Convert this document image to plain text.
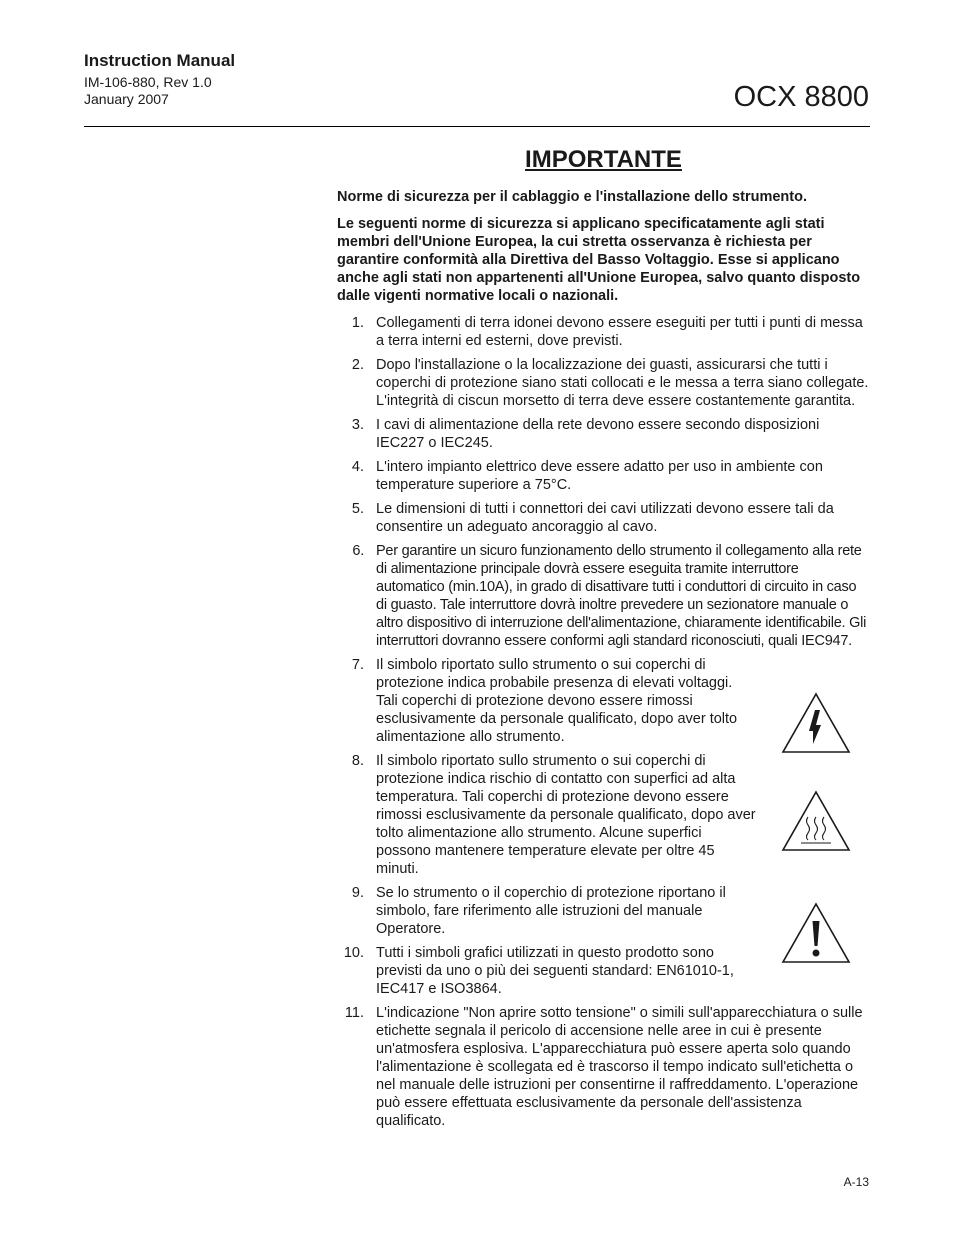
Instruction Manual
IM-106-880, Rev 1.0
January 2007	OCX 8800
IMPORTANTE

Norme di sicurezza per il cablaggio e l'installazione dello strumento.

Le seguenti norme di sicurezza si applicano specificatamente agli stati membri dell'Unione Europea, la cui stretta osservanza è richiesta per garantire conformità alla Direttiva del Basso Voltaggio. Esse si applicano anche agli stati non appartenenti all'Unione Europea, salvo quanto disposto dalle vigenti normative locali o nazionali.

1. Collegamenti di terra idonei devono essere eseguiti per tutti i punti di messa a terra interni ed esterni, dove previsti.
2. Dopo l'installazione o la localizzazione dei guasti, assicurarsi che tutti i coperchi di protezione siano stati collocati e le messa a terra siano collegate. L'integrità di ciscun morsetto di terra deve essere costantemente garantita.
3. I cavi di alimentazione della rete devono essere secondo disposizioni IEC227 o IEC245.
4. L'intero impianto elettrico deve essere adatto per uso in ambiente con temperature superiore a 75°C.
5. Le dimensioni di tutti i connettori dei cavi utilizzati devono essere tali da consentire un adeguato ancoraggio al cavo.
6. Per garantire un sicuro funzionamento dello strumento il collegamento alla rete di alimentazione principale dovrà essere eseguita tramite interruttore automatico (min.10A), in grado di disattivare tutti i conduttori di circuito in caso di guasto. Tale interruttore dovrà inoltre prevedere un sezionatore manuale o altro dispositivo di interruzione dell'alimentazione, chiaramente identificabile. Gli interruttori dovranno essere conformi agli standard riconosciuti, quali IEC947.
7. Il simbolo riportato sullo strumento o sui coperchi di protezione indica probabile presenza di elevati voltaggi. Tali coperchi di protezione devono essere rimossi esclusivamente da personale qualificato, dopo aver tolto alimentazione allo strumento.
8. Il simbolo riportato sullo strumento o sui coperchi di protezione indica rischio di contatto con superfici ad alta temperatura. Tali coperchi di protezione devono essere rimossi esclusivamente da personale qualificato, dopo aver tolto alimentazione allo strumento. Alcune superfici possono mantenere temperature elevate per oltre 45 minuti.
9. Se lo strumento o il coperchio di protezione riportano il simbolo, fare riferimento alle istruzioni del manuale Operatore.
10. Tutti i simboli grafici utilizzati in questo prodotto sono previsti da uno o più dei seguenti standard: EN61010-1, IEC417 e ISO3864.
11. L'indicazione "Non aprire sotto tensione" o simili sull'apparecchiatura o sulle etichette segnala il pericolo di accensione nelle aree in cui è presente un'atmosfera esplosiva. L'apparecchiatura può essere aperta solo quando l'alimentazione è scollegata ed è trascorso il tempo indicato sull'etichetta o nel manuale delle istruzioni per consentirne il raffreddamento. L'operazione può essere effettuata esclusivamente da personale dell'assistenza qualificato.
A-13
